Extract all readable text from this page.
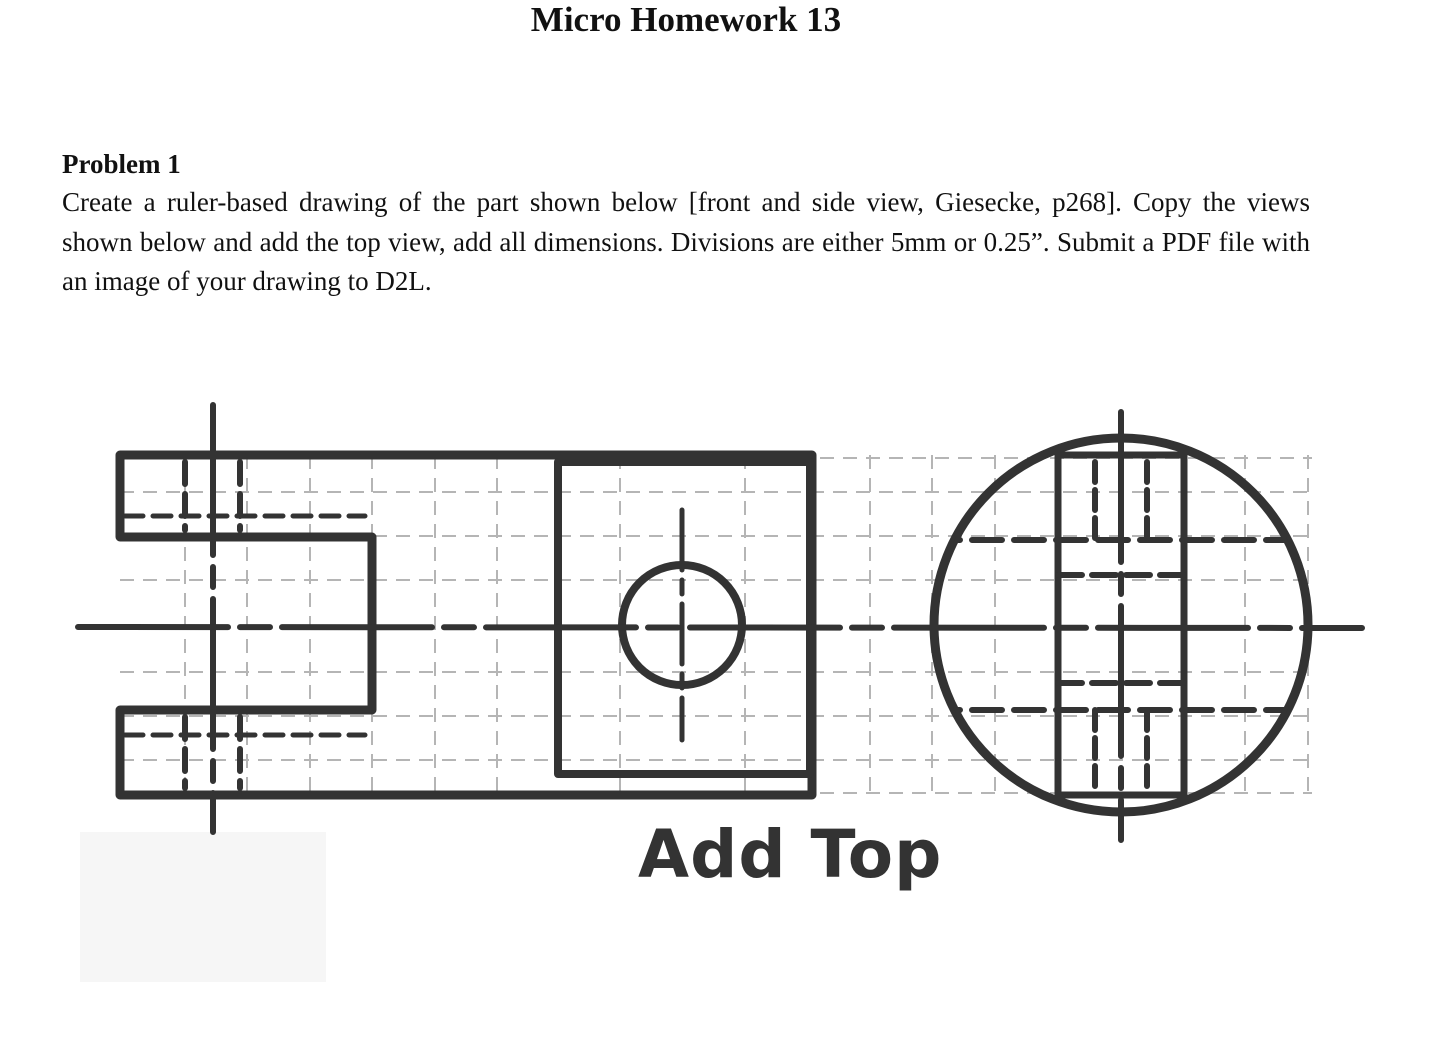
Micro Homework 13

Problem 1

Create a ruler-based drawing of the part shown below [front and side view, Giesecke, p268]. Copy the views shown below and add the top view, add all dimensions. Divisions are either 5mm or 0.25”. Submit a PDF file with an image of your drawing to D2L.

Add Top
